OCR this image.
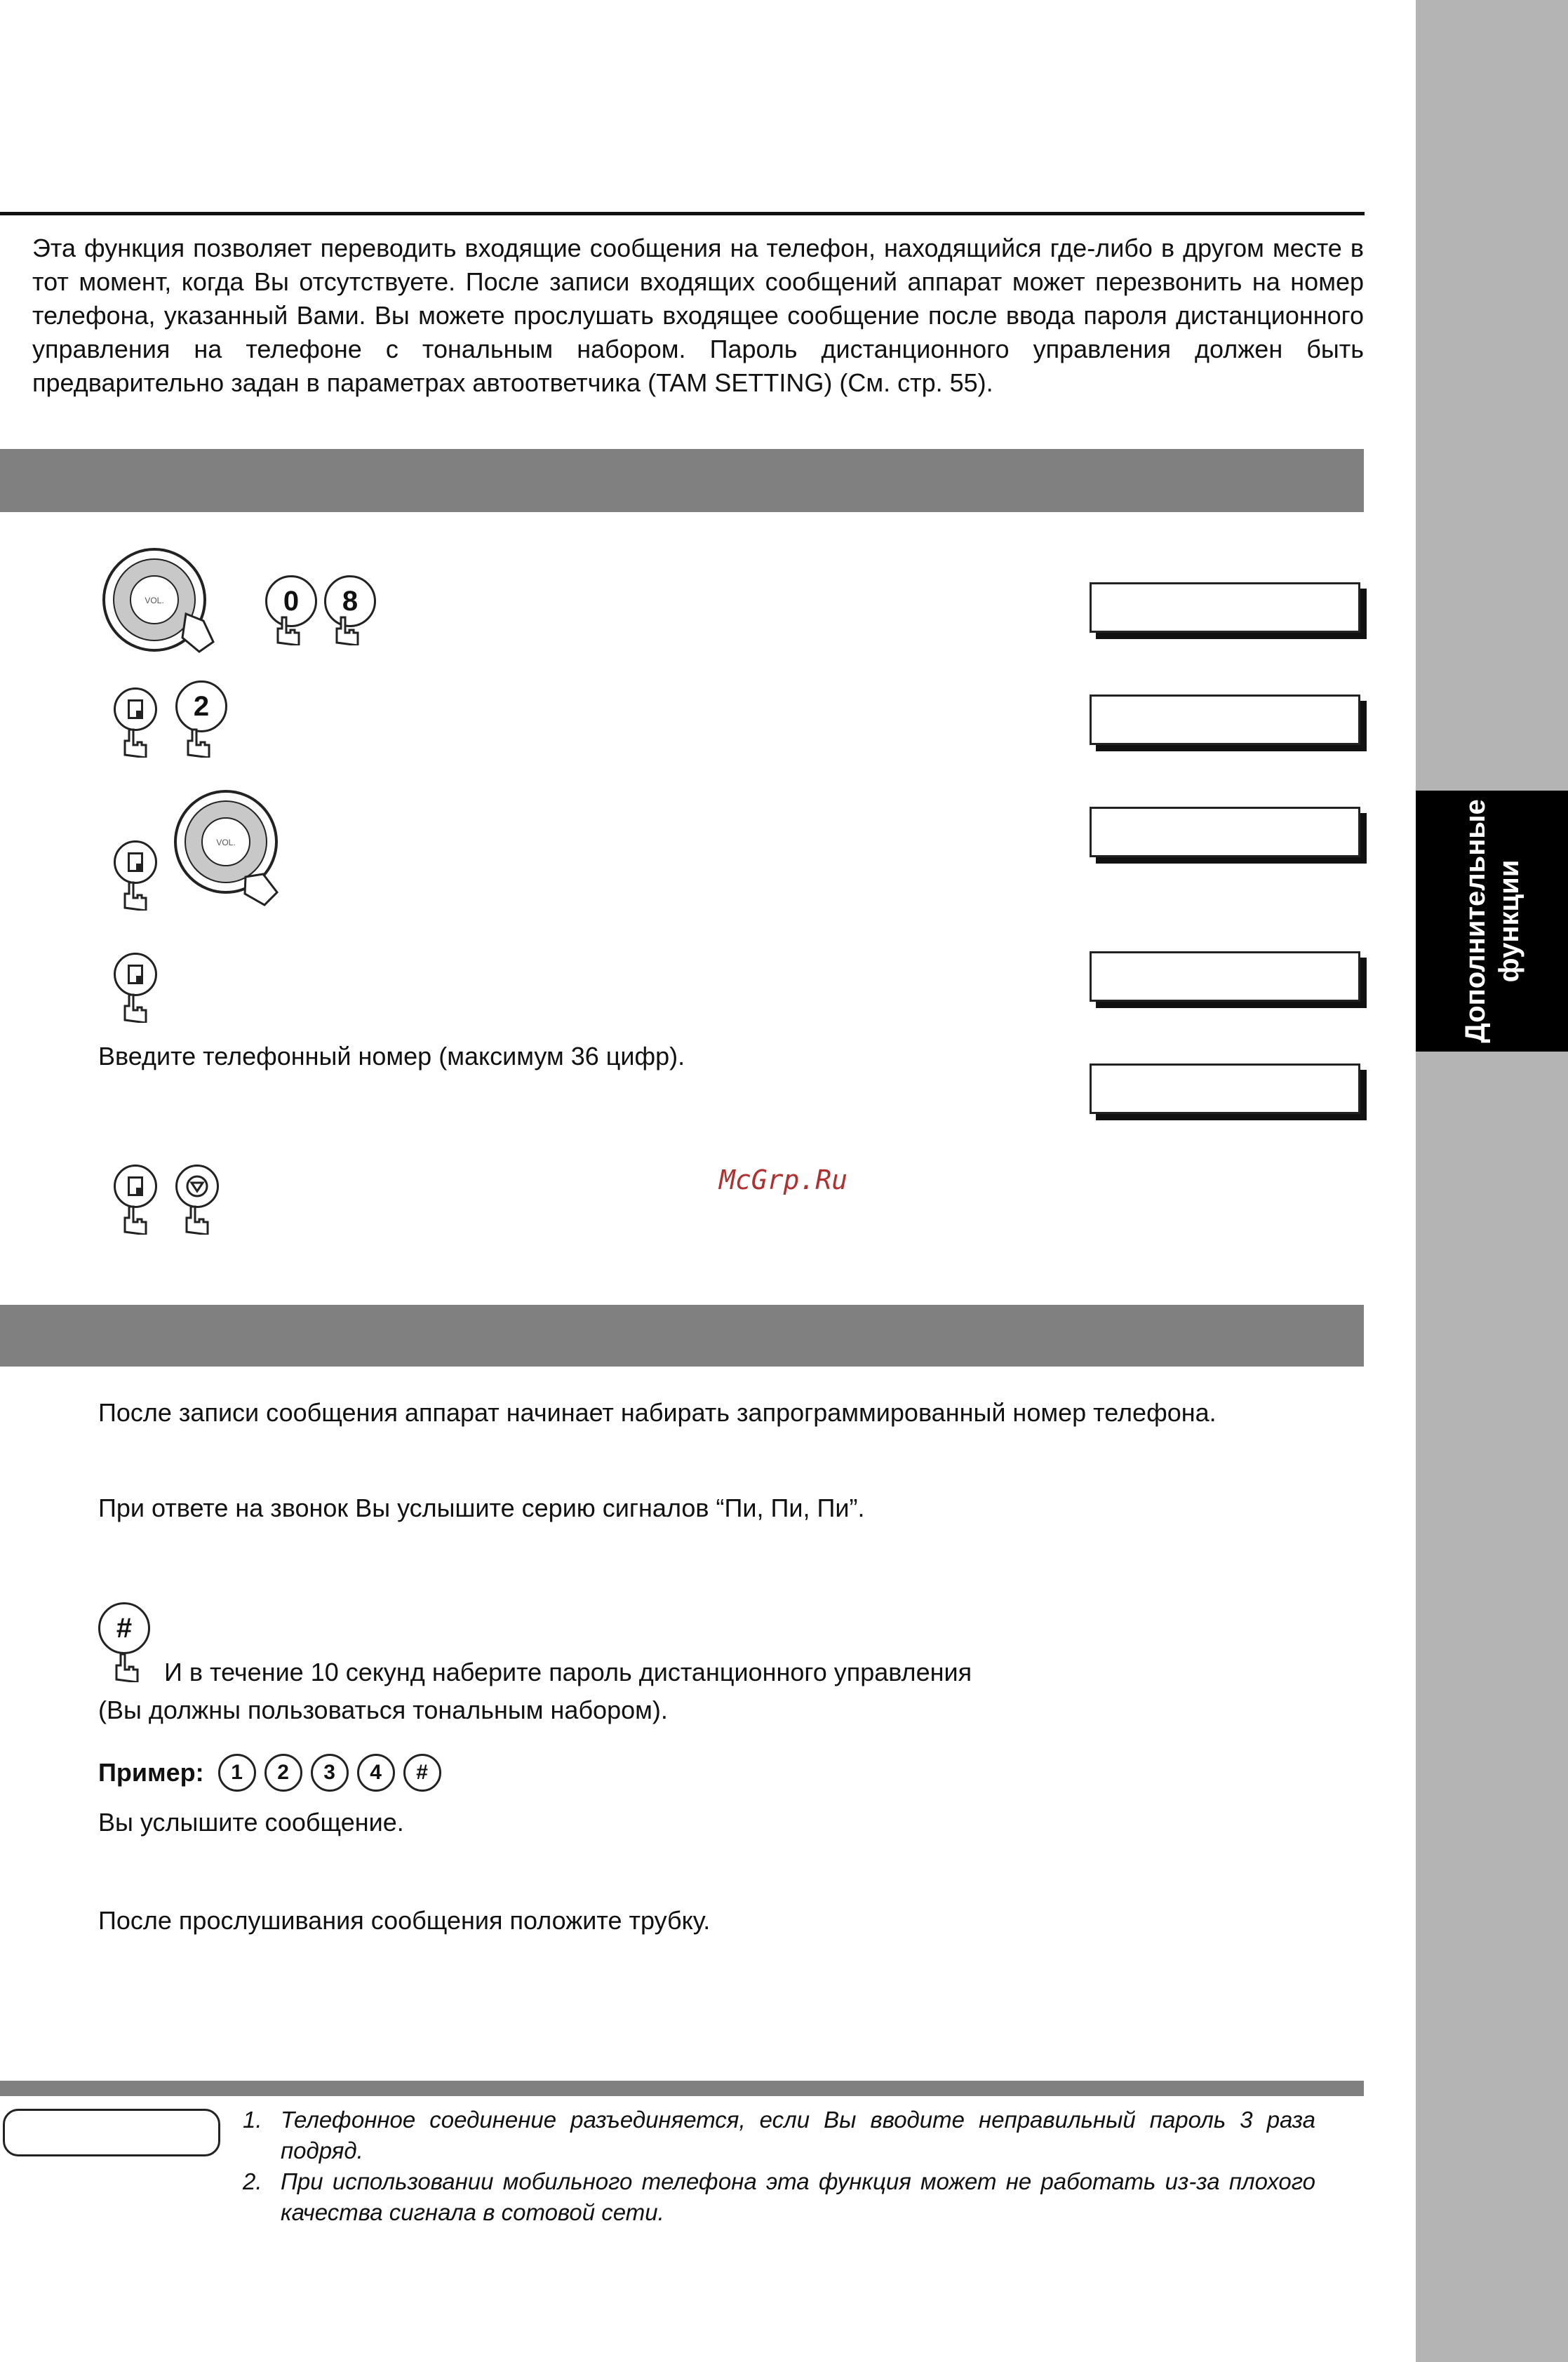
Дополнительные функции

Эта функция позволяет переводить входящие сообщения на телефон, находящийся где-либо в другом месте в тот момент, когда Вы отсутствуете. После записи входящих сообщений аппарат может перезвонить на номер телефона, указанный Вами. Вы можете прослушать входящее сообщение после ввода пароля дистанционного управления на телефоне с тональным набором. Пароль дистанционного управления должен быть предварительно задан в параметрах автоответчика (TAM SETTING) (См. стр. 55).

VOL.	0 8
2
VOL.

Введите телефонный номер (максимум 36 цифр).

McGrp.Ru

После записи сообщения аппарат начинает набирать запрограммированный номер телефона.

При ответе на звонок Вы услышите серию сигналов “Пи, Пи, Пи”.

#

И в течение 10 секунд наберите пароль дистанционного управления

(Вы должны пользоваться тональным набором).

Пример:	1	2	3	4	#

Вы услышите сообщение.

После прослушивания сообщения положите трубку.

1. Телефонное соединение разъединяется, если Вы вводите неправильный пароль 3 раза подряд.
2. При использовании мобильного телефона эта функция может не работать из-за плохого качества сигнала в сотовой сети.
